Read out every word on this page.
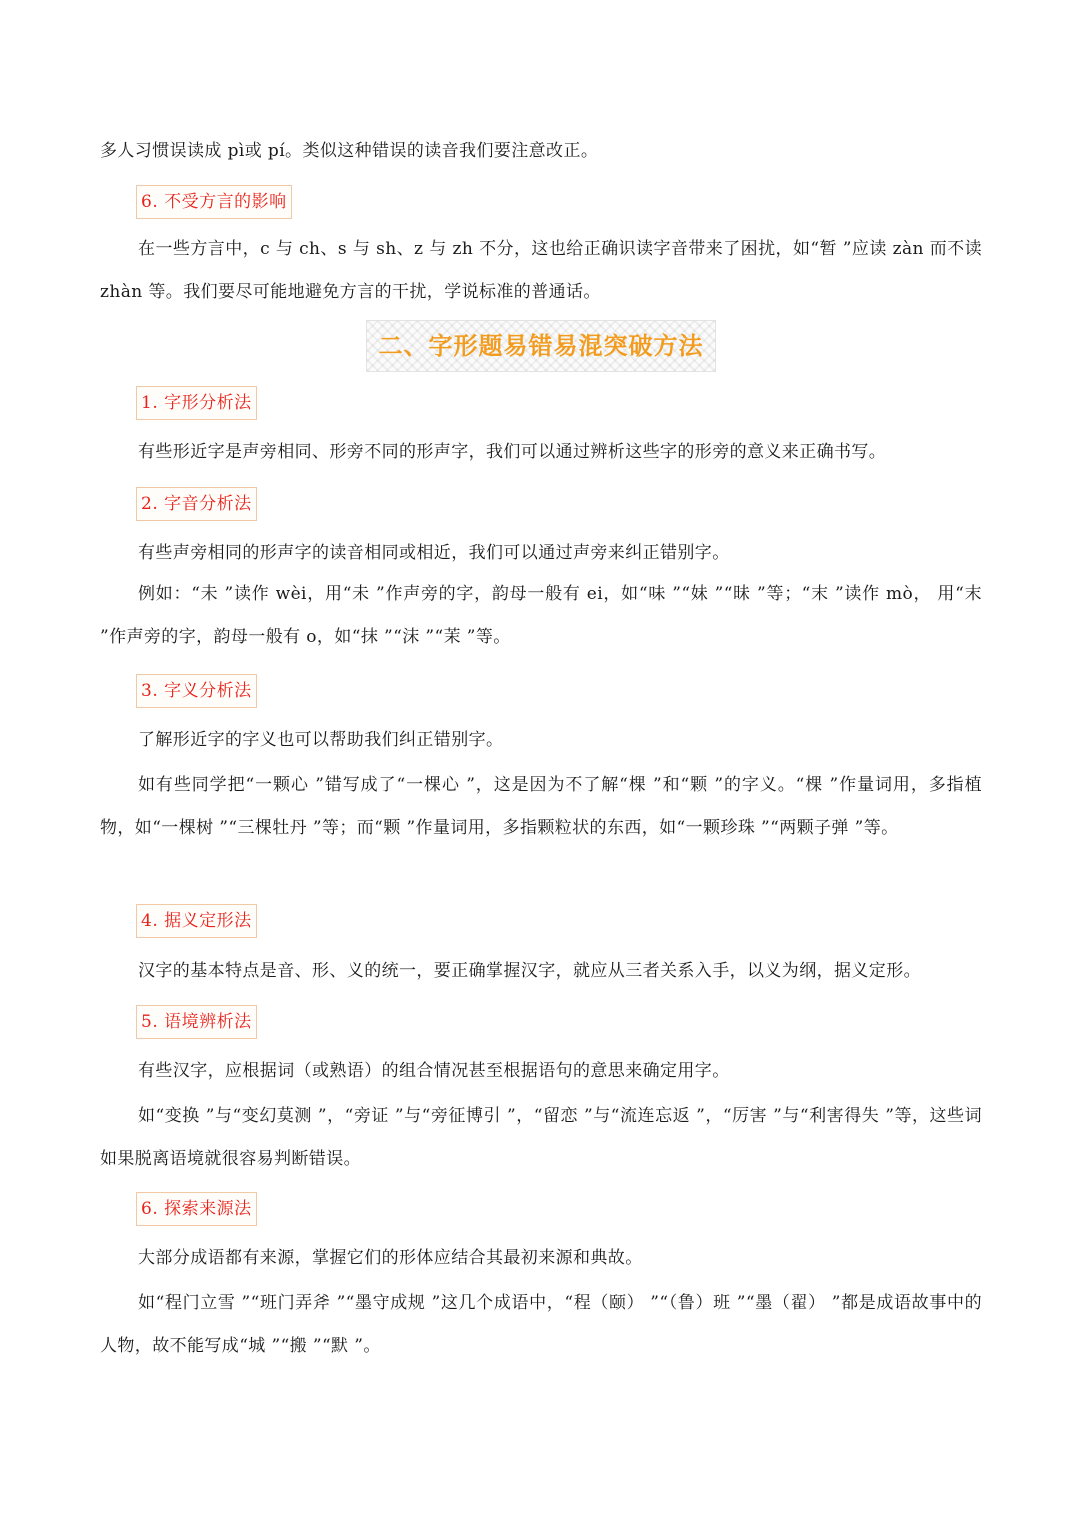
多人习惯误读成 pì或 pí。类似这种错误的读音我们要注意改正。

6. 不受方言的影响

在一些方言中，c 与 ch、s 与 sh、z 与 zh 不分，这也给正确识读字音带来了困扰，如“暂 ”应读 zàn 而不读 zhàn 等。我们要尽可能地避免方言的干扰，学说标准的普通话。

二、字形题易错易混突破方法
1. 字形分析法

有些形近字是声旁相同、形旁不同的形声字，我们可以通过辨析这些字的形旁的意义来正确书写。

2. 字音分析法

有些声旁相同的形声字的读音相同或相近，我们可以通过声旁来纠正错别字。

例如：“未 ”读作 wèi，用“未 ”作声旁的字，韵母一般有 ei，如“味 ”“妹 ”“昧 ”等；“末 ”读作 mò， 用“末 ”作声旁的字，韵母一般有 o，如“抹 ”“沫 ”“茉 ”等。

3. 字义分析法

了解形近字的字义也可以帮助我们纠正错别字。

如有些同学把“一颗心 ”错写成了“一棵心 ”，这是因为不了解“棵 ”和“颗 ”的字义。“棵 ”作量词用，多指植物，如“一棵树 ”“三棵牡丹 ”等；而“颗 ”作量词用，多指颗粒状的东西，如“一颗珍珠 ”“两颗子弹 ”等。

4. 据义定形法

汉字的基本特点是音、形、义的统一，要正确掌握汉字，就应从三者关系入手，以义为纲，据义定形。

5. 语境辨析法

有些汉字，应根据词（或熟语）的组合情况甚至根据语句的意思来确定用字。

如“变换 ”与“变幻莫测 ”，“旁证 ”与“旁征博引 ”，“留恋 ”与“流连忘返 ”，“厉害 ”与“利害得失 ”等，这些词如果脱离语境就很容易判断错误。

6. 探索来源法

大部分成语都有来源，掌握它们的形体应结合其最初来源和典故。

如“程门立雪 ”“班门弄斧 ”“墨守成规 ”这几个成语中，“程（颐） ”“（鲁）班 ”“墨（翟） ”都是成语故事中的人物，故不能写成“城 ”“搬 ”“默 ”。
